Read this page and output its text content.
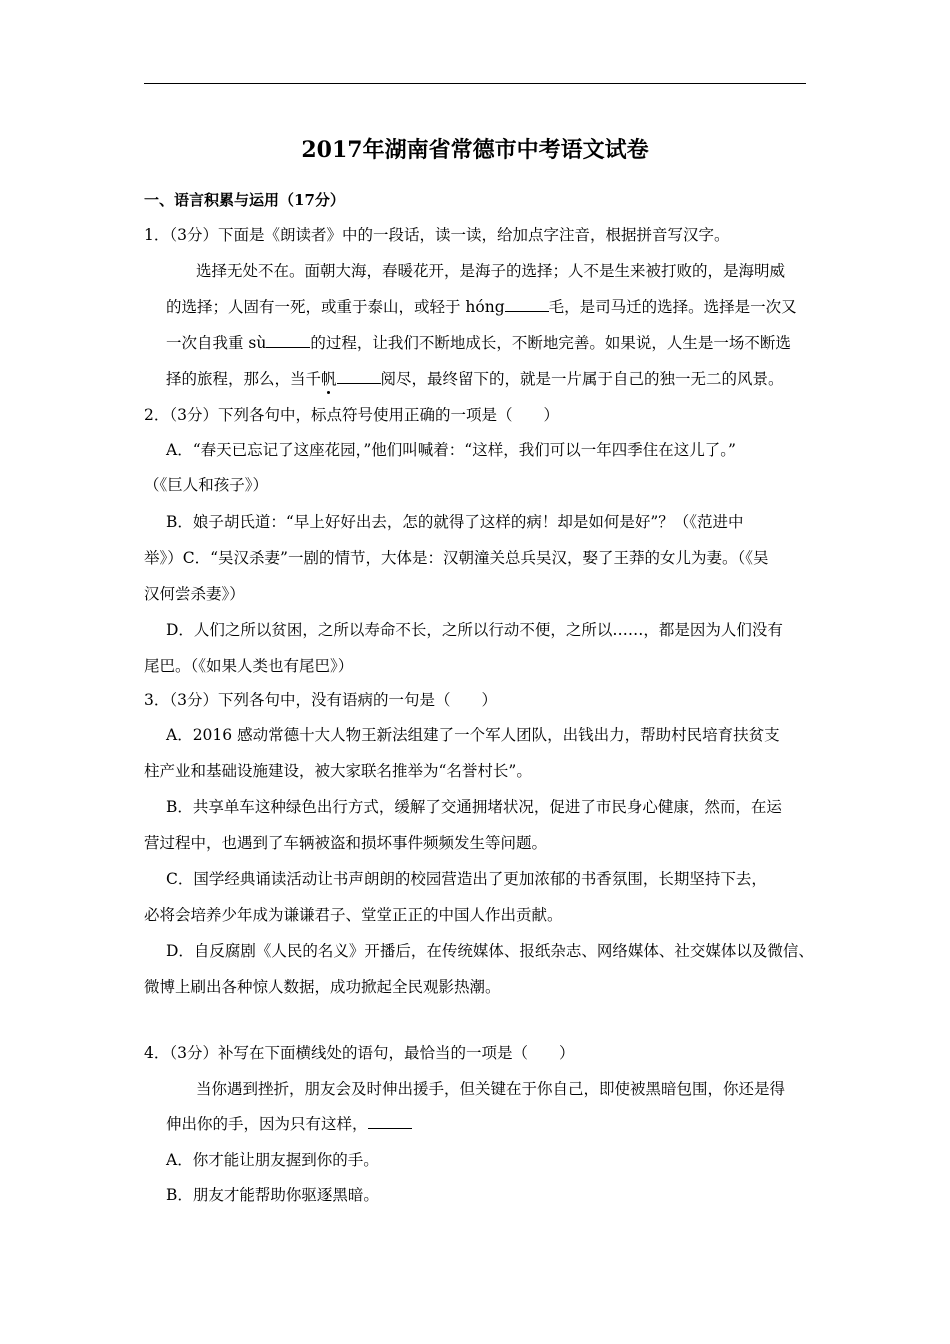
2017年湖南省常德市中考语文试卷
一、语言积累与运用（17分）
1．（3分）下面是《朗读者》中的一段话，读一读，给加点字注音，根据拼音写汉字。
选择无处不在。面朝大海，春暖花开，是海子的选择；人不是生来被打败的，是海明威
的选择；人固有一死，或重于泰山，或轻于 hóng	毛，是司马迁的选择。选择是一次又
一次自我重 sù	的过程，让我们不断地成长，不断地完善。如果说，人生是一场不断选
择的旅程，那么，当千帆	阅尽，最终留下的，就是一片属于自己的独一无二的风景。
2．（3分）下列各句中，标点符号使用正确的一项是（　　）
A．“春天已忘记了这座花园，”他们叫喊着：“这样，我们可以一年四季住在这儿了。”
（《巨人和孩子》）
B．娘子胡氏道：“早上好好出去，怎的就得了这样的病！却是如何是好”？（《范进中
举》）C．“吴汉杀妻”一剧的情节，大体是：汉朝潼关总兵吴汉，娶了王莽的女儿为妻。（《吴
汉何尝杀妻》）
D．人们之所以贫困，之所以寿命不长，之所以行动不便，之所以……，都是因为人们没有
尾巴。（《如果人类也有尾巴》）
3．（3分）下列各句中，没有语病的一句是（　　）
A．2016 感动常德十大人物王新法组建了一个军人团队，出钱出力，帮助村民培育扶贫支
柱产业和基础设施建设，被大家联名推举为“名誉村长”。
B．共享单车这种绿色出行方式，缓解了交通拥堵状况，促进了市民身心健康，然而，在运
营过程中，也遇到了车辆被盗和损坏事件频频发生等问题。
C．国学经典诵读活动让书声朗朗的校园营造出了更加浓郁的书香氛围，长期坚持下去，
必将会培养少年成为谦谦君子、堂堂正正的中国人作出贡献。
D．自反腐剧《人民的名义》开播后，在传统媒体、报纸杂志、网络媒体、社交媒体以及微信、
微博上刷出各种惊人数据，成功掀起全民观影热潮。
4．（3分）补写在下面横线处的语句，最恰当的一项是（　　）
当你遇到挫折，朋友会及时伸出援手，但关键在于你自己，即使被黑暗包围，你还是得
伸出你的手，因为只有这样，
A．你才能让朋友握到你的手。
B．朋友才能帮助你驱逐黑暗。
